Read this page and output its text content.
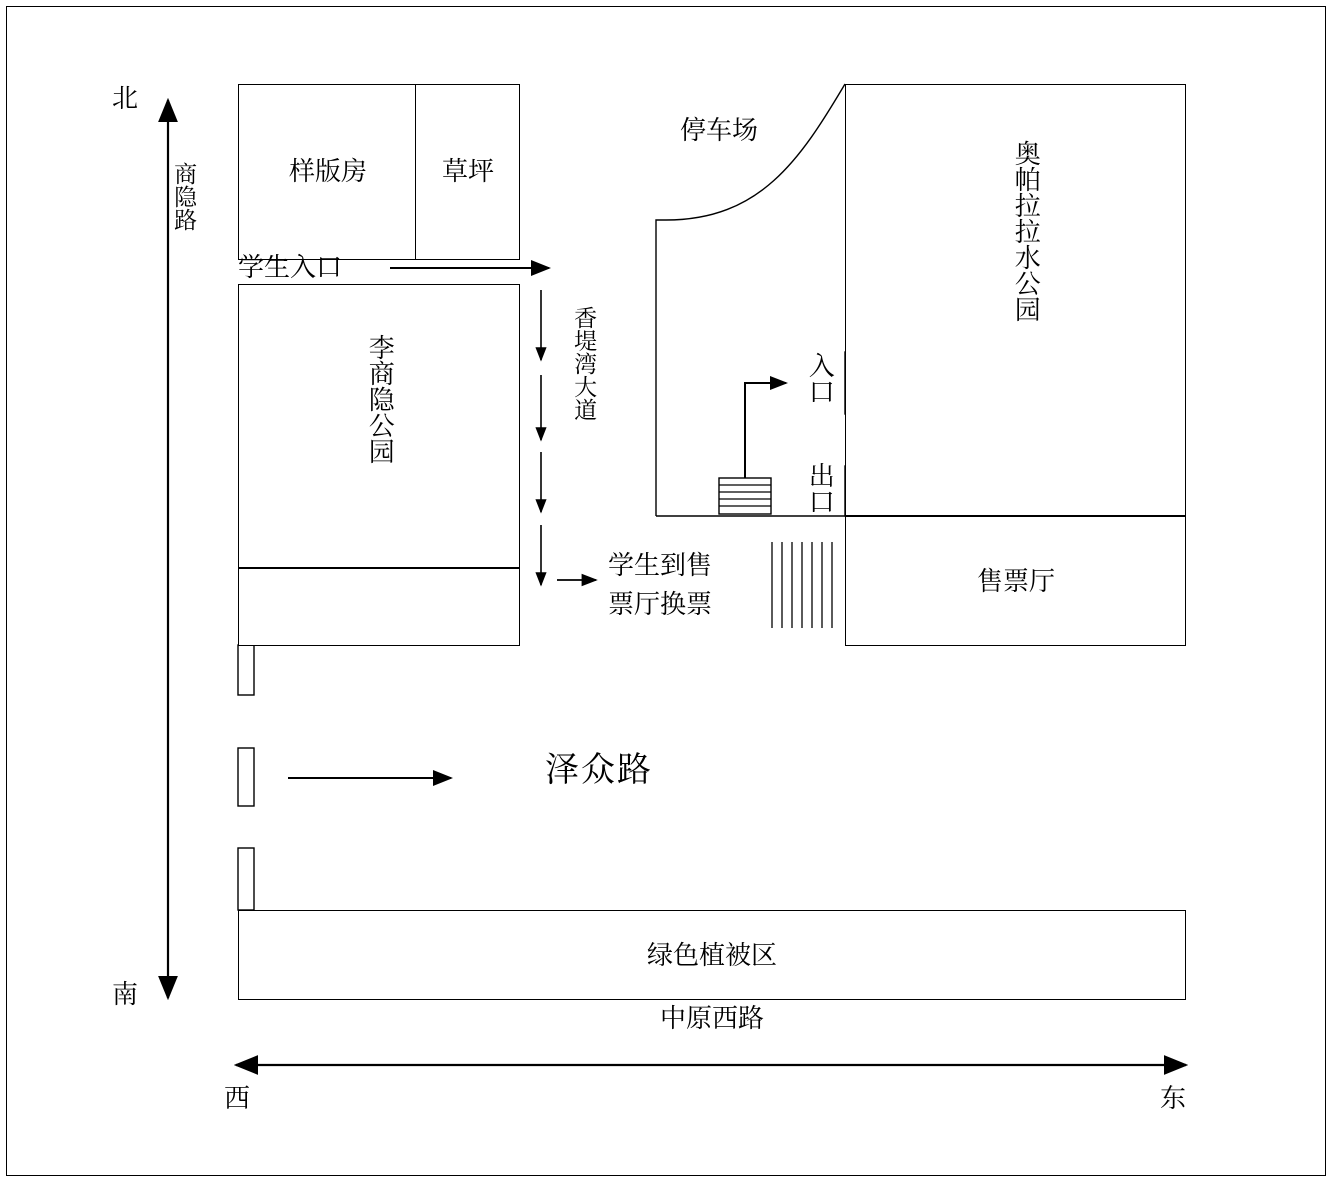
北
南
西	东
商隐路	样版房	草坪
学生入口
李商隐公园	香堤湾大道
停车场
奥帕拉拉水公园
售票厅
入口
出口
学生到售
票厅换票
泽众路
绿色植被区
中原西路
